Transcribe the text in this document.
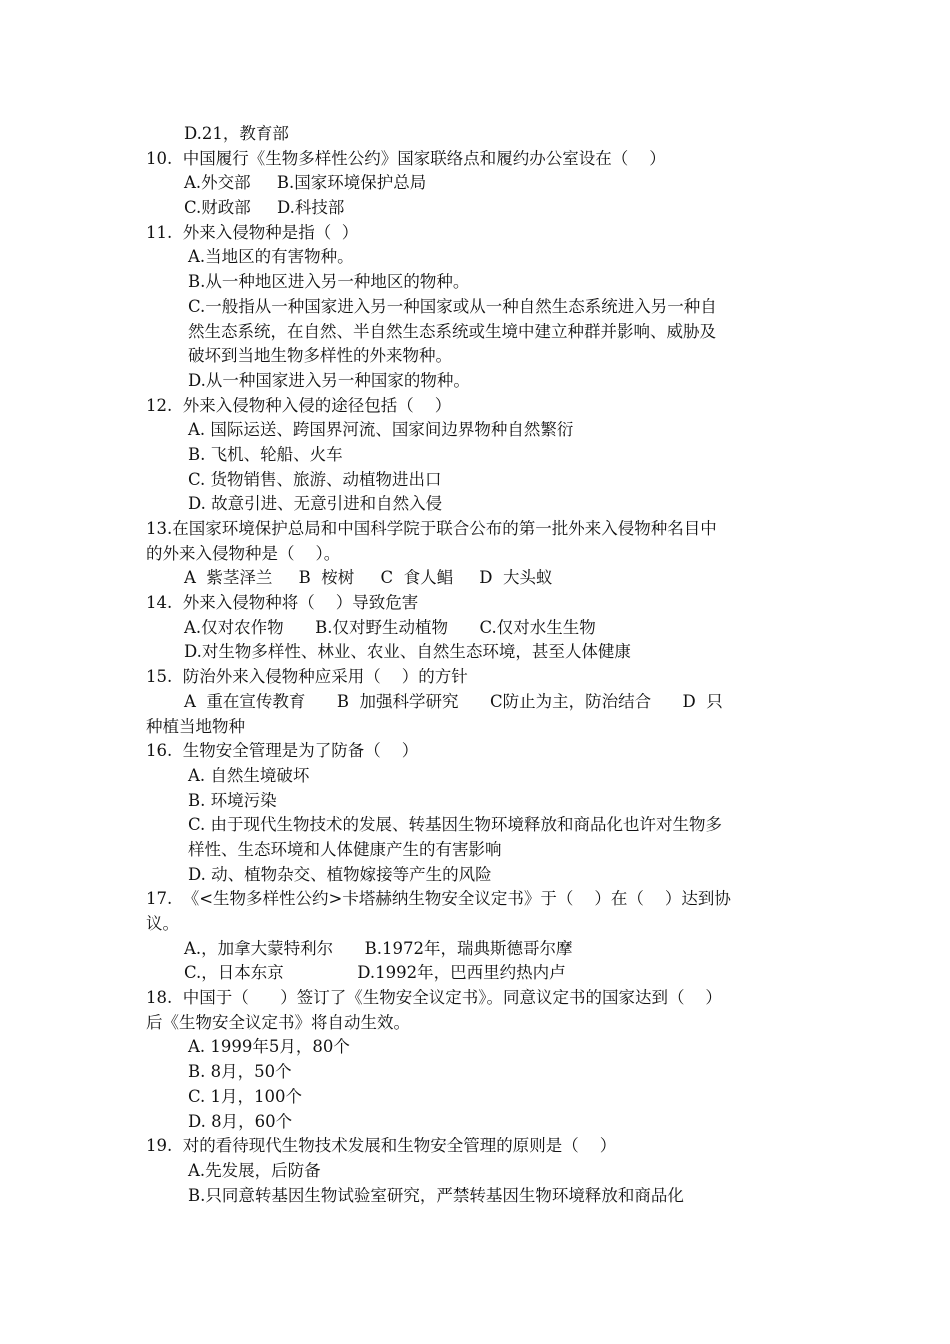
D.21，教育部
10.  中国履行《生物多样性公约》国家联络点和履约办公室设在（    ）
A.外交部     B.国家环境保护总局
C.财政部     D.科技部
11.  外来入侵物种是指（  ）
A.当地区的有害物种。
B.从一种地区进入另一种地区的物种。
C.一般指从一种国家进入另一种国家或从一种自然生态系统进入另一种自
然生态系统，在自然、半自然生态系统或生境中建立种群并影响、威胁及
破坏到当地生物多样性的外来物种。
D.从一种国家进入另一种国家的物种。
12.  外来入侵物种入侵的途径包括（    ）
A. 国际运送、跨国界河流、国家间边界物种自然繁衍
B. 飞机、轮船、火车
C. 货物销售、旅游、动植物进出口
D. 故意引进、无意引进和自然入侵
13.在国家环境保护总局和中国科学院于联合公布的第一批外来入侵物种名目中
的外来入侵物种是（    ）。
A  紫茎泽兰     B  桉树     C  食人鲳     D  大头蚁
14.  外来入侵物种将（    ）导致危害
A.仅对农作物      B.仅对野生动植物      C.仅对水生生物
D.对生物多样性、林业、农业、自然生态环境，甚至人体健康
15.  防治外来入侵物种应采用（    ）的方针
A  重在宣传教育      B  加强科学研究      C防止为主，防治结合      D  只
种植当地物种
16.  生物安全管理是为了防备（    ）
A. 自然生境破坏
B. 环境污染
C. 由于现代生物技术的发展、转基因生物环境释放和商品化也许对生物多
样性、生态环境和人体健康产生的有害影响
D. 动、植物杂交、植物嫁接等产生的风险
17.  《<生物多样性公约>卡塔赫纳生物安全议定书》于（    ）在（    ）达到协
议。
A.，加拿大蒙特利尔      B.1972年，瑞典斯德哥尔摩
C.，日本东京              D.1992年，巴西里约热内卢
18.  中国于（      ）签订了《生物安全议定书》。同意议定书的国家达到（    ）
后《生物安全议定书》将自动生效。
A. 1999年5月，80个
B. 8月，50个
C. 1月，100个
D. 8月，60个
19.  对的看待现代生物技术发展和生物安全管理的原则是（    ）
A.先发展，后防备
B.只同意转基因生物试验室研究，严禁转基因生物环境释放和商品化
